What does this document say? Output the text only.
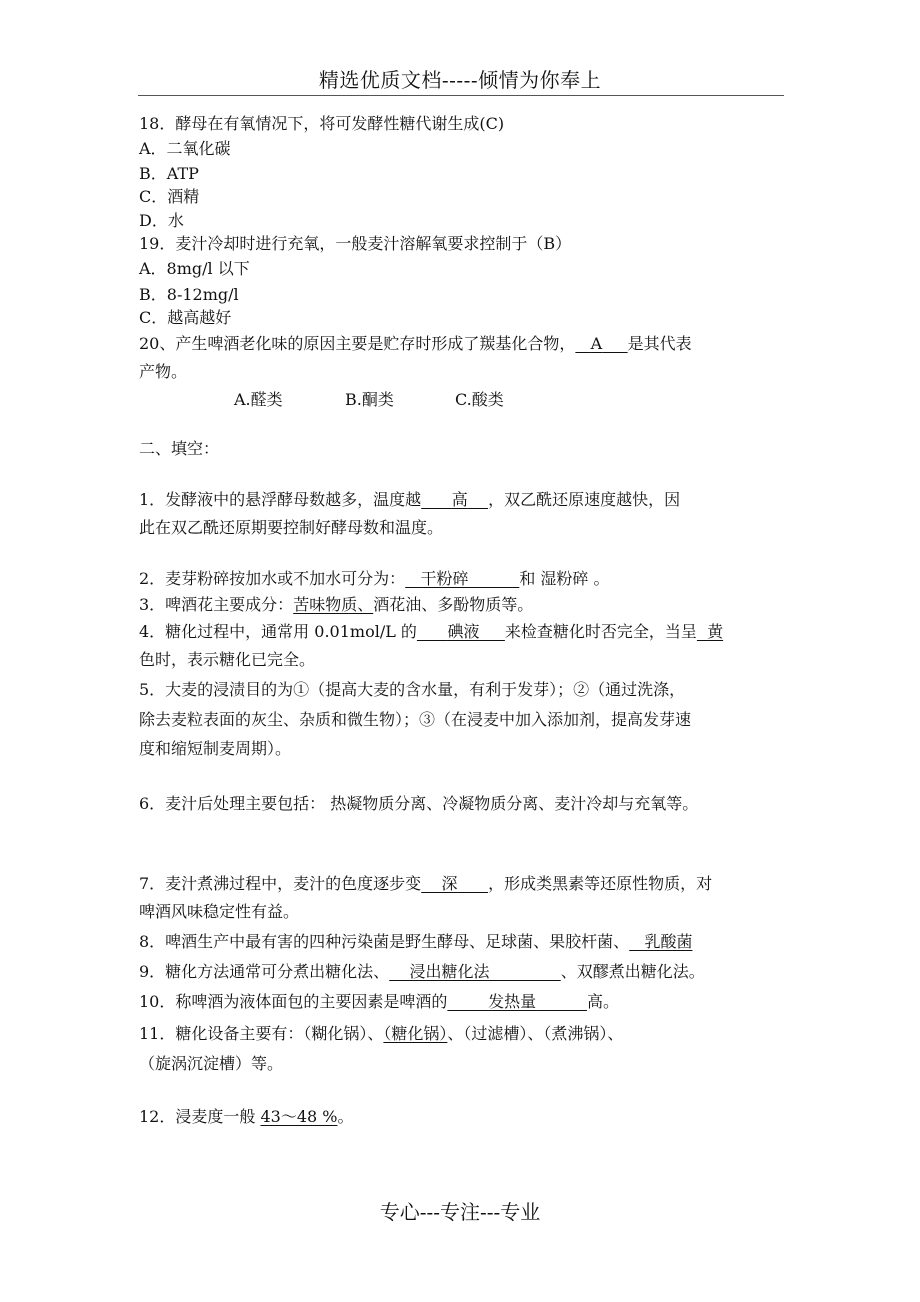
精选优质文档-----倾情为你奉上
18．酵母在有氧情况下，将可发酵性糖代谢生成(C)
A．二氧化碳
B．ATP
C．酒精
D．水
19．麦汁冷却时进行充氧，一般麦汁溶解氧要求控制于（B）
A．8mg/l 以下
B．8-12mg/l
C．越高越好
20、产生啤酒老化味的原因主要是贮存时形成了羰基化合物， A 是其代表
产物。
A.醛类	B.酮类	C.酸类
二、填空：
1．发酵液中的悬浮酵母数越多，温度越 高 ，双乙酰还原速度越快，因
此在双乙酰还原期要控制好酵母数和温度。
2．麦芽粉碎按加水或不加水可分为： 干粉碎	和 湿粉碎 。
3．啤酒花主要成分：苦味物质、酒花油、多酚物质等。
4．糖化过程中，通常用 0.01mol/L 的 碘液 来检查糖化时否完全，当呈 黄
色时，表示糖化已完全。
5．大麦的浸渍目的为①（提高大麦的含水量，有利于发芽）；②（通过洗涤，
除去麦粒表面的灰尘、杂质和微生物）；③（在浸麦中加入添加剂，提高发芽速
度和缩短制麦周期）。
6．麦汁后处理主要包括： 热凝物质分离、冷凝物质分离、麦汁冷却与充氧等。
7．麦汁煮沸过程中，麦汁的色度逐步变 深 ，形成类黑素等还原性物质，对
啤酒风味稳定性有益。
8．啤酒生产中最有害的四种污染菌是野生酵母、足球菌、果胶杆菌、 乳酸菌
9．糖化方法通常可分煮出糖化法、 浸出糖化法	、双醪煮出糖化法。
10．称啤酒为液体面包的主要因素是啤酒的	发热量	高。
11．糖化设备主要有：（糊化锅）、（糖化锅）、（过滤槽）、（煮沸锅）、
（旋涡沉淀槽）等。
12．浸麦度一般 43～48 %。
专心---专注---专业
